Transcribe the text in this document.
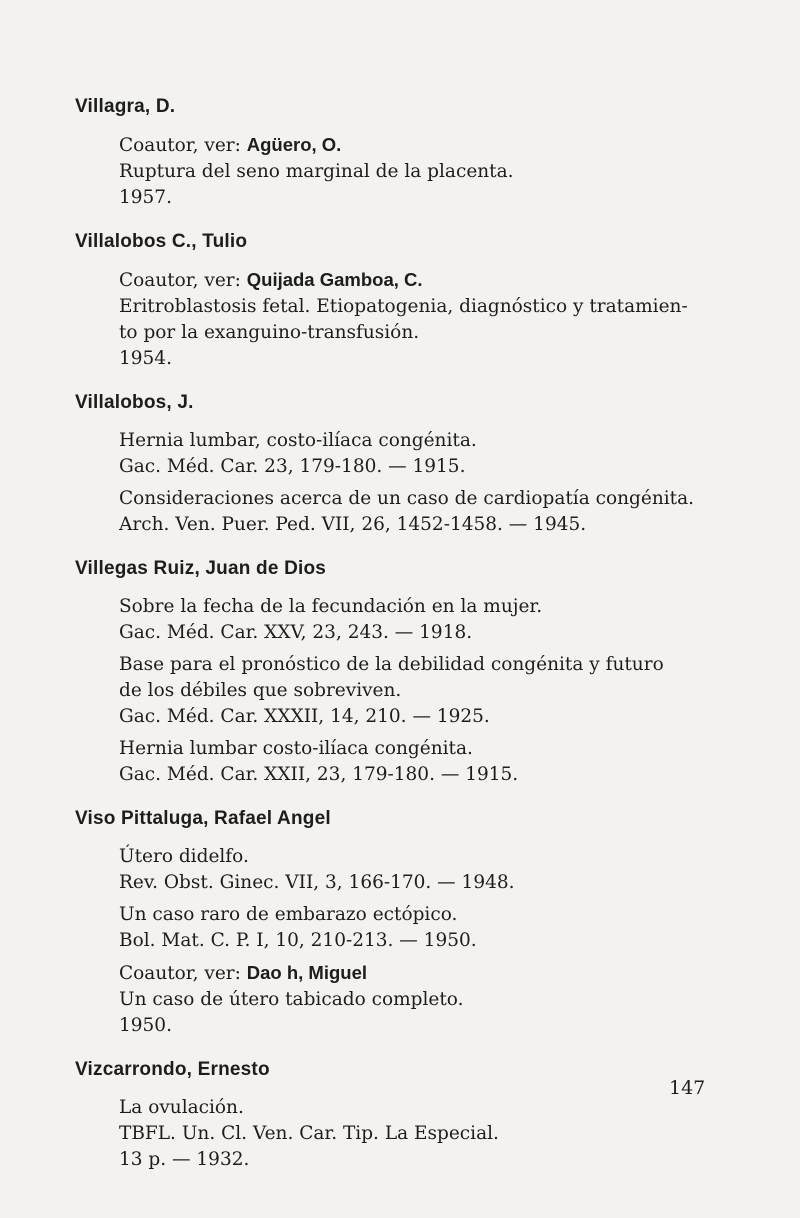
Villagra, D.
Coautor, ver: Agüero, O.
Ruptura del seno marginal de la placenta.
1957.
Villalobos C., Tulio
Coautor, ver: Quijada Gamboa, C.
Eritroblastosis fetal. Etiopatogenia, diagnóstico y tratamien-
to por la exanguino-transfusión.
1954.
Villalobos, J.
Hernia lumbar, costo-ilíaca congénita.
Gac. Méd. Car. 23, 179-180. — 1915.
Consideraciones acerca de un caso de cardiopatía congénita.
Arch. Ven. Puer. Ped. VII, 26, 1452-1458. — 1945.
Villegas Ruiz, Juan de Dios
Sobre la fecha de la fecundación en la mujer.
Gac. Méd. Car. XXV, 23, 243. — 1918.
Base para el pronóstico de la debilidad congénita y futuro
de los débiles que sobreviven.
Gac. Méd. Car. XXXII, 14, 210. — 1925.
Hernia lumbar costo-ilíaca congénita.
Gac. Méd. Car. XXII, 23, 179-180. — 1915.
Viso Pittaluga, Rafael Angel
Útero didelfo.
Rev. Obst. Ginec. VII, 3, 166-170. — 1948.
Un caso raro de embarazo ectópico.
Bol. Mat. C. P. I, 10, 210-213. — 1950.
Coautor, ver: Dao h, Miguel
Un caso de útero tabicado completo.
1950.
Vizcarrondo, Ernesto
La ovulación.
TBFL. Un. Cl. Ven. Car. Tip. La Especial.
13 p. — 1932.
147
